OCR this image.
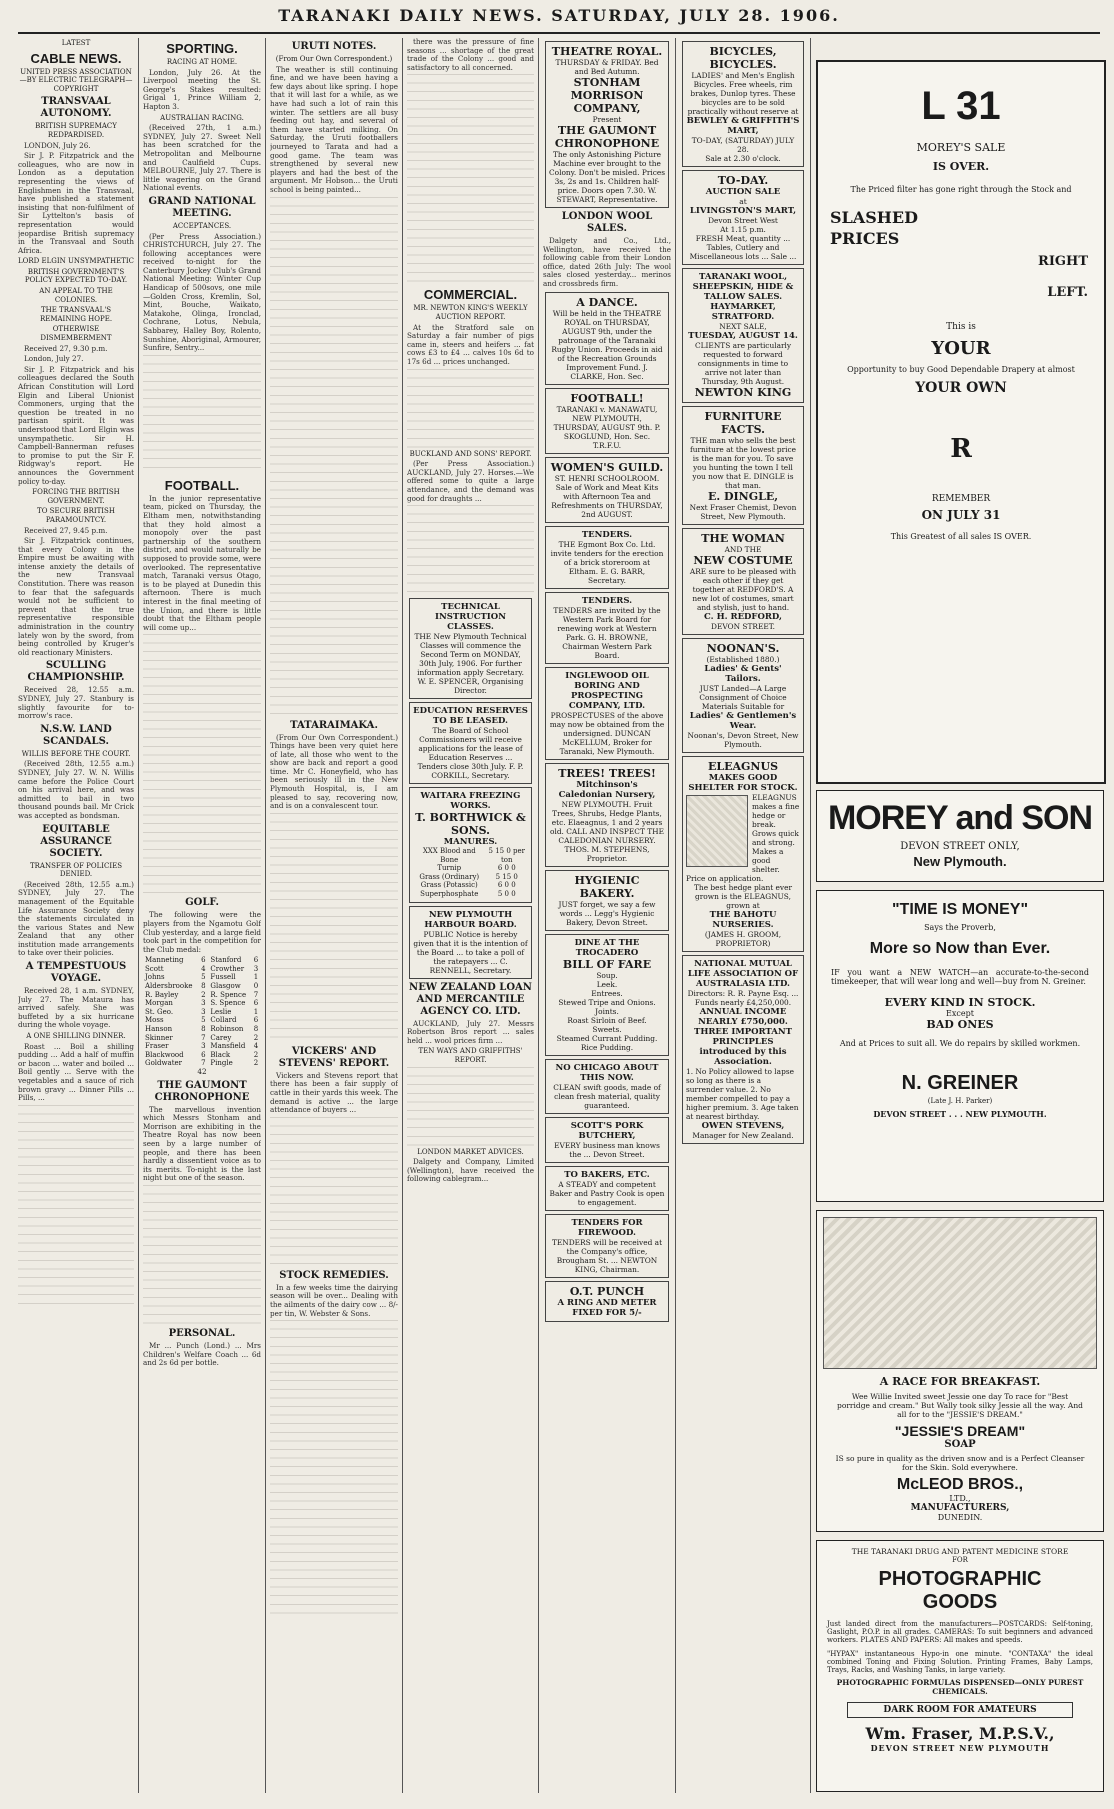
TARANAKI DAILY NEWS. SATURDAY, JULY 28. 1906.
LATEST
CABLE NEWS.
UNITED PRESS ASSOCIATION—BY ELECTRIC TELEGRAPH—COPYRIGHT
TRANSVAAL AUTONOMY.
BRITISH SUPREMACY REDPARDISED.

LONDON, July 26.

Sir J. P. Fitzpatrick and the colleagues, who are now in London as a deputation representing the views of Englishmen in the Transvaal, have published a statement insisting that non-fulfilment of Sir Lyttelton's basis of representation would jeopardise British supremacy in the Transvaal and South Africa.

LORD ELGIN UNSYMPATHETIC
BRITISH GOVERNMENT'S POLICY EXPECTED TO-DAY.
AN APPEAL TO THE COLONIES.
THE TRANSVAAL'S REMAINING HOPE.
OTHERWISE DISMEMBERMENT

Received 27, 9.30 p.m.

London, July 27.

Sir J. P. Fitzpatrick and his colleagues declared the South African Constitution will Lord Elgin and Liberal Unionist Commoners, urging that the question be treated in no partisan spirit. It was understood that Lord Elgin was unsympathetic. Sir H. Campbell-Bannerman refuses to promise to put the Sir F. Ridgway's report. He announces the Government policy to-day.

FORCING THE BRITISH GOVERNMENT.
TO SECURE BRITISH PARAMOUNTCY.

Received 27, 9.45 p.m.

Sir J. Fitzpatrick continues, that every Colony in the Empire must be awaiting with intense anxiety the details of the new Transvaal Constitution. There was reason to fear that the safeguards would not be sufficient to prevent that the true representative responsible administration in the country lately won by the sword, from being controlled by Kruger's old reactionary Ministers.

SCULLING CHAMPIONSHIP.

Received 28, 12.55 a.m. SYDNEY, July 27. Stanbury is slightly favourite for to-morrow's race.

N.S.W. LAND SCANDALS.
WILLIS BEFORE THE COURT.

(Received 28th, 12.55 a.m.) SYDNEY, July 27. W. N. Willis came before the Police Court on his arrival here, and was admitted to bail in two thousand pounds bail. Mr Crick was accepted as bondsman.

EQUITABLE ASSURANCE SOCIETY.
TRANSFER OF POLICIES DENIED.

(Received 28th, 12.55 a.m.) SYDNEY, July 27. The management of the Equitable Life Assurance Society deny the statements circulated in the various States and New Zealand that any other institution made arrangements to take over their policies.

A TEMPESTUOUS VOYAGE.

Received 28, 1 a.m. SYDNEY, July 27. The Mataura has arrived safely. She was buffeted by a six hurricane during the whole voyage.

A ONE SHILLING DINNER.

Roast ... Boil a shilling pudding ... Add a half of muffin or bacon ... water and boiled ... Boil gently ... Serve with the vegetables and a sauce of rich brown gravy ... Dinner Pills ... Pills, ...

SPORTING.
RACING AT HOME.

London, July 26. At the Liverpool meeting the St. George's Stakes resulted: Grigal 1, Prince William 2, Hapton 3.

AUSTRALIAN RACING.

(Received 27th, 1 a.m.) SYDNEY, July 27. Sweet Nell has been scratched for the Metropolitan and Melbourne and Caulfield Cups. MELBOURNE, July 27. There is little wagering on the Grand National events.

GRAND NATIONAL MEETING.
ACCEPTANCES.

(Per Press Association.) CHRISTCHURCH, July 27. The following acceptances were received to-night for the Canterbury Jockey Club's Grand National Meeting: Winter Cup Handicap of 500sovs, one mile—Golden Cross, Kremlin, Sol, Mint, Bouche, Waikato, Matakohe, Olinga, Ironclad, Cochrane, Lotus, Nebula, Sabbarey, Halley Boy, Rolento, Sunshine, Aboriginal, Armourer, Sunfire, Sentry...

FOOTBALL.

In the junior representative team, picked on Thursday, the Eltham men, notwithstanding that they hold almost a monopoly over the past partnership of the southern district, and would naturally be supposed to provide some, were overlooked. The representative match, Taranaki versus Otago, is to be played at Dunedin this afternoon. There is much interest in the final meeting of the Union, and there is little doubt that the Eltham people will come up...

GOLF.

The following were the players from the Ngamotu Golf Club yesterday, and a large field took part in the competition for the Club medal:

Manneting	6	Stanford	6
Scott	4	Crowther	3
Johns	5	Fussell	1
Aldersbrooke	8	Glasgow	0
R. Bayley	2	R. Spence	7
Morgan	3	S. Spence	6
St. Geo.	3	Leslie	1
Moss	5	Collard	6
Hanson	8	Robinson	8
Skinner	7	Carey	2
Fraser	3	Mansfield	4
Blackwood	6	Black	2
Goldwater	7	Pingle	2
42
THE GAUMONT CHRONOPHONE

The marvellous invention which Messrs Stonham and Morrison are exhibiting in the Theatre Royal has now been seen by a large number of people, and there has been hardly a dissentient voice as to its merits. To-night is the last night but one of the season.

PERSONAL.

Mr ... Punch (Lond.) ... Mrs Children's Welfare Coach ... 6d and 2s 6d per bottle.

URUTI NOTES.
(From Our Own Correspondent.)

The weather is still continuing fine, and we have been having a few days about like spring. I hope that it will last for a while, as we have had such a lot of rain this winter. The settlers are all busy feeding out hay, and several of them have started milking. On Saturday, the Uruti footballers journeyed to Tarata and had a good game. The team was strengthened by several new players and had the best of the argument. Mr Hobson... the Uruti school is being painted...

TATARAIMAKA.

(From Our Own Correspondent.) Things have been very quiet here of late, all those who went to the show are back and report a good time. Mr C. Honeyfield, who has been seriously ill in the New Plymouth Hospital, is, I am pleased to say, recovering now, and is on a convalescent tour.

VICKERS' AND STEVENS' REPORT.

Vickers and Stevens report that there has been a fair supply of cattle in their yards this week. The demand is active ... the large attendance of buyers ...

STOCK REMEDIES.

In a few weeks time the dairying season will be over... Dealing with the ailments of the dairy cow ... 8/- per tin, W. Webster & Sons.

there was the pressure of fine seasons ... shortage of the great trade of the Colony ... good and satisfactory to all concerned.

COMMERCIAL.
MR. NEWTON KING'S WEEKLY AUCTION REPORT.

At the Stratford sale on Saturday a fair number of pigs came in, steers and heifers ... fat cows £3 to £4 ... calves 10s 6d to 17s 6d ... prices unchanged.

BUCKLAND AND SONS' REPORT.

(Per Press Association.) AUCKLAND, July 27. Horses.—We offered some to quite a large attendance, and the demand was good for draughts ...

TECHNICAL INSTRUCTION CLASSES.
THE New Plymouth Technical Classes will commence the Second Term on MONDAY, 30th July, 1906. For further information apply Secretary. W. E. SPENCER, Organising Director.
EDUCATION RESERVES TO BE LEASED.
The Board of School Commissioners will receive applications for the lease of Education Reserves ... Tenders close 30th July. F. P. CORKILL, Secretary.
WAITARA FREEZING WORKS.
T. BORTHWICK & SONS.
MANURES.
XXX Blood and Bone	5 15 0 per ton
Turnip	6 0 0
Grass (Ordinary)	5 15 0
Grass (Potassic)	6 0 0
Superphosphate	5 0 0
NEW PLYMOUTH HARBOUR BOARD.
PUBLIC Notice is hereby given that it is the intention of the Board ... to take a poll of the ratepayers ... C. RENNELL, Secretary.
NEW ZEALAND LOAN AND MERCANTILE AGENCY CO. LTD.

AUCKLAND, July 27. Messrs Robertson Bros report ... sales held ... wool prices firm ...

TEN WAYS AND GRIFFITHS' REPORT.
LONDON MARKET ADVICES.

Dalgety and Company, Limited (Wellington), have received the following cablegram...

THEATRE ROYAL.
THURSDAY & FRIDAY. Bed and Bed Autumn.
STONHAM MORRISON COMPANY,
Present
THE GAUMONT CHRONOPHONE
The only Astonishing Picture Machine ever brought to the Colony. Don't be misled. Prices 3s, 2s and 1s. Children half-price. Doors open 7.30. W. STEWART, Representative.
LONDON WOOL SALES.

Dalgety and Co., Ltd., Wellington, have received the following cable from their London office, dated 26th July: The wool sales closed yesterday... merinos and crossbreds firm.

A DANCE.
Will be held in the THEATRE ROYAL on THURSDAY, AUGUST 9th, under the patronage of the Taranaki Rugby Union. Proceeds in aid of the Recreation Grounds Improvement Fund. J. CLARKE, Hon. Sec.
FOOTBALL!
TARANAKI v. MANAWATU, NEW PLYMOUTH, THURSDAY, AUGUST 9th. P. SKOGLUND, Hon. Sec. T.R.F.U.
WOMEN'S GUILD.
ST. HENRI SCHOOLROOM. Sale of Work and Meat Kits with Afternoon Tea and Refreshments on THURSDAY, 2nd AUGUST.
TENDERS.
THE Egmont Box Co. Ltd. invite tenders for the erection of a brick storeroom at Eltham. E. G. BARR, Secretary.
TENDERS.
TENDERS are invited by the Western Park Board for renewing work at Western Park. G. H. BROWNE, Chairman Western Park Board.
INGLEWOOD OIL BORING AND PROSPECTING COMPANY, LTD.
PROSPECTUSES of the above may now be obtained from the undersigned. DUNCAN McKELLUM, Broker for Taranaki, New Plymouth.
TREES! TREES!
Mitchinson's Caledonian Nursery,
NEW PLYMOUTH. Fruit Trees, Shrubs, Hedge Plants, etc. Elaeagnus, 1 and 2 years old. CALL AND INSPECT THE CALEDONIAN NURSERY. THOS. M. STEPHENS, Proprietor.
HYGIENIC BAKERY.
JUST forget, we say a few words ... Legg's Hygienic Bakery, Devon Street.
DINE AT THE TROCADERO
BILL OF FARE
Soup.
Leek.
Entrees.
Stewed Tripe and Onions.
Joints.
Roast Sirloin of Beef.
Sweets.
Steamed Currant Pudding.
Rice Pudding.
NO CHICAGO ABOUT THIS NOW.
CLEAN swift goods, made of clean fresh material, quality guaranteed.
SCOTT'S PORK BUTCHERY,
EVERY business man knows the ... Devon Street.
TO BAKERS, ETC.
A STEADY and competent Baker and Pastry Cook is open to engagement.
TENDERS FOR FIREWOOD.
TENDERS will be received at the Company's office, Brougham St. ... NEWTON KING, Chairman.
O.T. PUNCH
A RING AND METER FIXED FOR 5/-
BICYCLES, BICYCLES.
LADIES' and Men's English Bicycles. Free wheels, rim brakes, Dunlop tyres. These bicycles are to be sold practically without reserve at
BEWLEY & GRIFFITH'S MART,
TO-DAY, (SATURDAY) JULY 28.
Sale at 2.30 o'clock.
TO-DAY.
AUCTION SALE
at
LIVINGSTON'S MART,
Devon Street West
At 1.15 p.m.
FRESH Meat, quantity ... Tables, Cutlery and Miscellaneous lots ... Sale ...
TARANAKI WOOL, SHEEPSKIN, HIDE & TALLOW SALES.
HAYMARKET, STRATFORD.
NEXT SALE,
TUESDAY, AUGUST 14.
CLIENTS are particularly requested to forward consignments in time to arrive not later than Thursday, 9th August.
NEWTON KING
FURNITURE FACTS.
THE man who sells the best furniture at the lowest price is the man for you. To save you hunting the town I tell you now that E. DINGLE is that man.
E. DINGLE,
Next Fraser Chemist, Devon Street, New Plymouth.
THE WOMAN
AND THE
NEW COSTUME
ARE sure to be pleased with each other if they get together at REDFORD'S. A new lot of costumes, smart and stylish, just to hand.
C. H. REDFORD,
DEVON STREET.
NOONAN'S.
(Established 1880.)
Ladies' & Gents' Tailors.
JUST Landed—A Large Consignment of Choice Materials Suitable for
Ladies' & Gentlemen's Wear.
Noonan's, Devon Street, New Plymouth.
ELEAGNUS
MAKES GOOD SHELTER FOR STOCK.
ELEAGNUS makes a fine hedge or break. Grows quick and strong. Makes a good shelter. Price on application.
The best hedge plant ever grown is the ELEAGNUS, grown at
THE BAHOTU NURSERIES.
(JAMES H. GROOM, PROPRIETOR)
NATIONAL MUTUAL LIFE ASSOCIATION OF AUSTRALASIA LTD.
Directors: R. R. Payne Esq. ... Funds nearly £4,250,000.
ANNUAL INCOME NEARLY £750,000.
THREE IMPORTANT PRINCIPLES introduced by this Association.
1. No Policy allowed to lapse so long as there is a surrender value. 2. No member compelled to pay a higher premium. 3. Age taken at nearest birthday.
OWEN STEVENS,
Manager for New Zealand.
L 31
MOREY'S SALE
IS OVER.
The Priced filter has gone right through the Stock and
SLASHED
PRICES
RIGHT
LEFT.
This is
YOUR
Opportunity to buy Good Dependable Drapery at almost
YOUR OWN
R
REMEMBER
ON JULY 31
This Greatest of all sales IS OVER.
MOREY and SON
DEVON STREET ONLY,
New Plymouth.
"TIME IS MONEY"
Says the Proverb,
More so Now than Ever.
IF you want a NEW WATCH—an accurate-to-the-second timekeeper, that will wear long and well—buy from N. Greiner.
EVERY KIND IN STOCK.
Except
BAD ONES
And at Prices to suit all. We do repairs by skilled workmen.
N. GREINER
(Late J. H. Parker)
DEVON STREET . . . NEW PLYMOUTH.
A RACE FOR BREAKFAST.
Wee Willie Invited sweet Jessie one day To race for "Best porridge and cream." But Wally took silky Jessie all the way. And all for to the "JESSIE'S DREAM."
"JESSIE'S DREAM"
SOAP
IS so pure in quality as the driven snow and is a Perfect Cleanser for the Skin. Sold everywhere.
McLEOD BROS.,
LTD.,
MANUFACTURERS,
DUNEDIN.
THE TARANAKI DRUG AND PATENT MEDICINE STORE
FOR
PHOTOGRAPHIC
GOODS
Just landed direct from the manufacturers—POSTCARDS: Self-toning, Gaslight, P.O.P. in all grades. CAMERAS: To suit beginners and advanced workers. PLATES AND PAPERS: All makes and speeds.
"HYPAX" instantaneous Hypo-in one minute. "CONTAXA" the ideal combined Toning and Fixing Solution. Printing Frames, Baby Lamps, Trays, Racks, and Washing Tanks, in large variety.
PHOTOGRAPHIC FORMULAS DISPENSED—ONLY PUREST CHEMICALS.
DARK ROOM FOR AMATEURS
Wm. Fraser, M.P.S.V.,
DEVON STREET NEW PLYMOUTH
